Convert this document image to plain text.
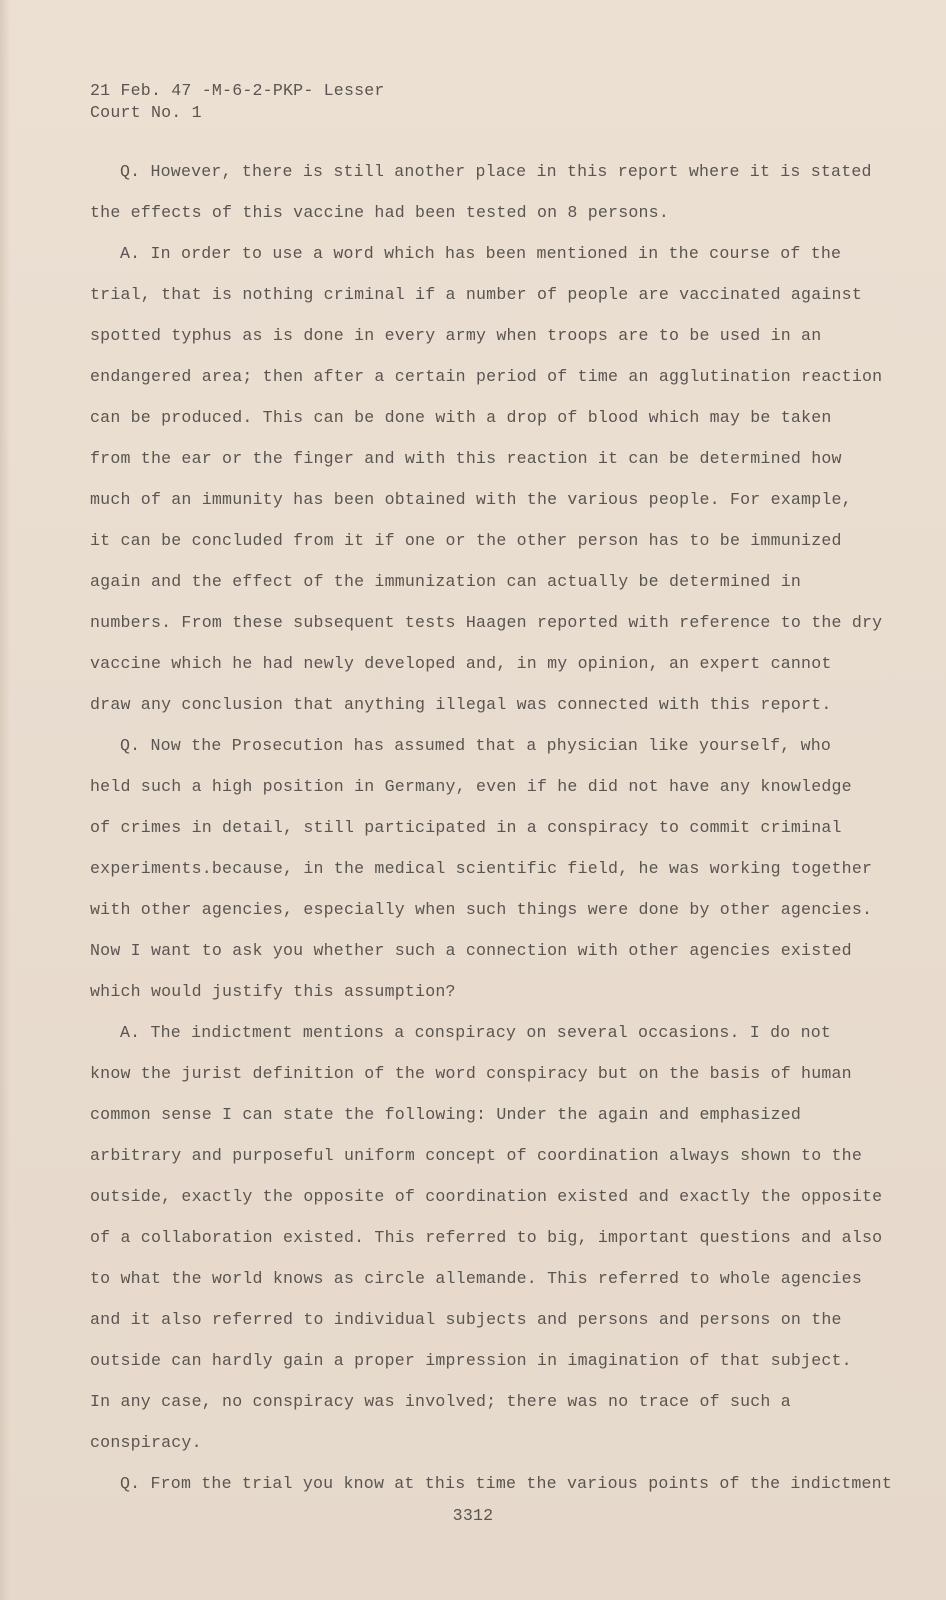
21 Feb. 47 -M-6-2-PKP- Lesser
Court No. 1
Q. However, there is still another place in this report where it is stated
the effects of this vaccine had been tested on 8 persons.
A. In order to use a word which has been mentioned in the course of the
trial, that is nothing criminal if a number of people are vaccinated against
spotted typhus as is done in every army when troops are to be used in an
endangered area; then after a certain period of time an agglutination reaction
can be produced. This can be done with a drop of blood which may be taken
from the ear or the finger and with this reaction it can be determined how
much of an immunity has been obtained with the various people. For example,
it can be concluded from it if one or the other person has to be immunized
again and the effect of the immunization can actually be determined in
numbers. From these subsequent tests Haagen reported with reference to the dry
vaccine which he had newly developed and, in my opinion, an expert cannot
draw any conclusion that anything illegal was connected with this report.
Q. Now the Prosecution has assumed that a physician like yourself, who
held such a high position in Germany, even if he did not have any knowledge
of crimes in detail, still participated in a conspiracy to commit criminal
experiments.because, in the medical scientific field, he was working together
with other agencies, especially when such things were done by other agencies.
Now I want to ask you whether such a connection with other agencies existed
which would justify this assumption?
A. The indictment mentions a conspiracy on several occasions. I do not
know the jurist definition of the word conspiracy but on the basis of human
common sense I can state the following: Under the again and emphasized
arbitrary and purposeful uniform concept of coordination always shown to the
outside, exactly the opposite of coordination existed and exactly the opposite
of a collaboration existed. This referred to big, important questions and also
to what the world knows as circle allemande. This referred to whole agencies
and it also referred to individual subjects and persons and persons on the
outside can hardly gain a proper impression in imagination of that subject.
In any case, no conspiracy was involved; there was no trace of such a
conspiracy.
Q. From the trial you know at this time the various points of the indictment
3312
